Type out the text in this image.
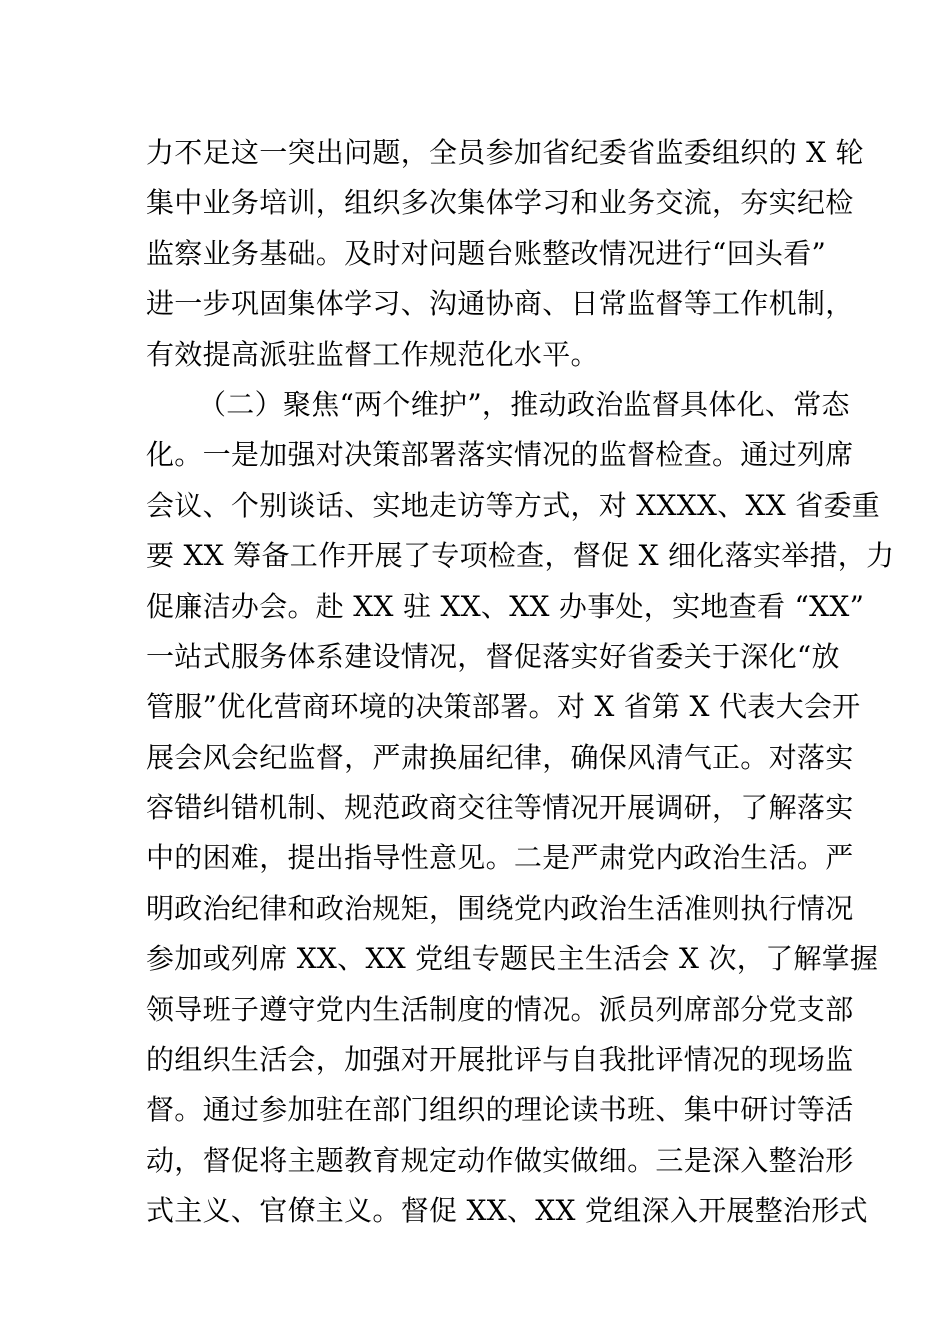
力不足这一突出问题，全员参加省纪委省监委组织的 X 轮
集中业务培训，组织多次集体学习和业务交流，夯实纪检
监察业务基础。及时对问题台账整改情况进行“回头看”
进一步巩固集体学习、沟通协商、日常监督等工作机制，
有效提高派驻监督工作规范化水平。
（二）聚焦“两个维护”，推动政治监督具体化、常态
化。一是加强对决策部署落实情况的监督检查。通过列席
会议、个别谈话、实地走访等方式，对 XXXX、XX 省委重
要 XX 筹备工作开展了专项检查，督促 X 细化落实举措，力
促廉洁办会。赴 XX 驻 XX、XX 办事处，实地查看 “XX”
一站式服务体系建设情况，督促落实好省委关于深化“放
管服”优化营商环境的决策部署。对 X 省第 X 代表大会开
展会风会纪监督，严肃换届纪律，确保风清气正。对落实
容错纠错机制、规范政商交往等情况开展调研，了解落实
中的困难，提出指导性意见。二是严肃党内政治生活。严
明政治纪律和政治规矩，围绕党内政治生活准则执行情况
参加或列席 XX、XX 党组专题民主生活会 X 次，了解掌握
领导班子遵守党内生活制度的情况。派员列席部分党支部
的组织生活会，加强对开展批评与自我批评情况的现场监
督。通过参加驻在部门组织的理论读书班、集中研讨等活
动，督促将主题教育规定动作做实做细。三是深入整治形
式主义、官僚主义。督促 XX、XX 党组深入开展整治形式
